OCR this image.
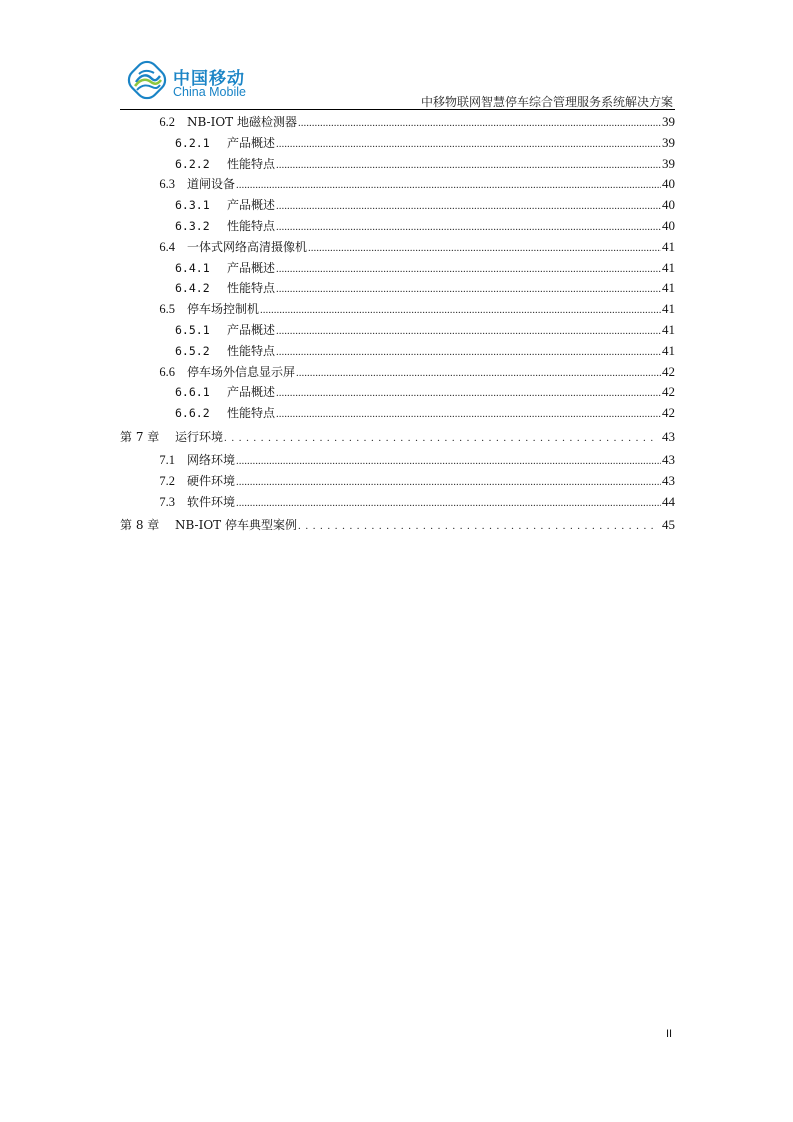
中国移动
China Mobile
中移物联网智慧停车综合管理服务系统解决方案
6.2 NB-IOT 地磁检测器 .....	39
6.2.1	产品概述 .....	39
6.2.2	性能特点 .....	39
6.3 道闸设备 .....	40
6.3.1	产品概述 .....	40
6.3.2	性能特点 .....	40
6.4 一体式网络高清摄像机 .....	41
6.4.1	产品概述 .....	41
6.4.2	性能特点 .....	41
6.5 停车场控制机 .....	41
6.5.1	产品概述 .....	41
6.5.2	性能特点 .....	41
6.6 停车场外信息显示屏 .....	42
6.6.1	产品概述 .....	42
6.6.2	性能特点 .....	42
第 7 章	运行环境 .....	43
7.1 网络环境 .....	43
7.2 硬件环境 .....	43
7.3 软件环境 .....	44
第 8 章	NB-IOT 停车典型案例 .....	45
II
